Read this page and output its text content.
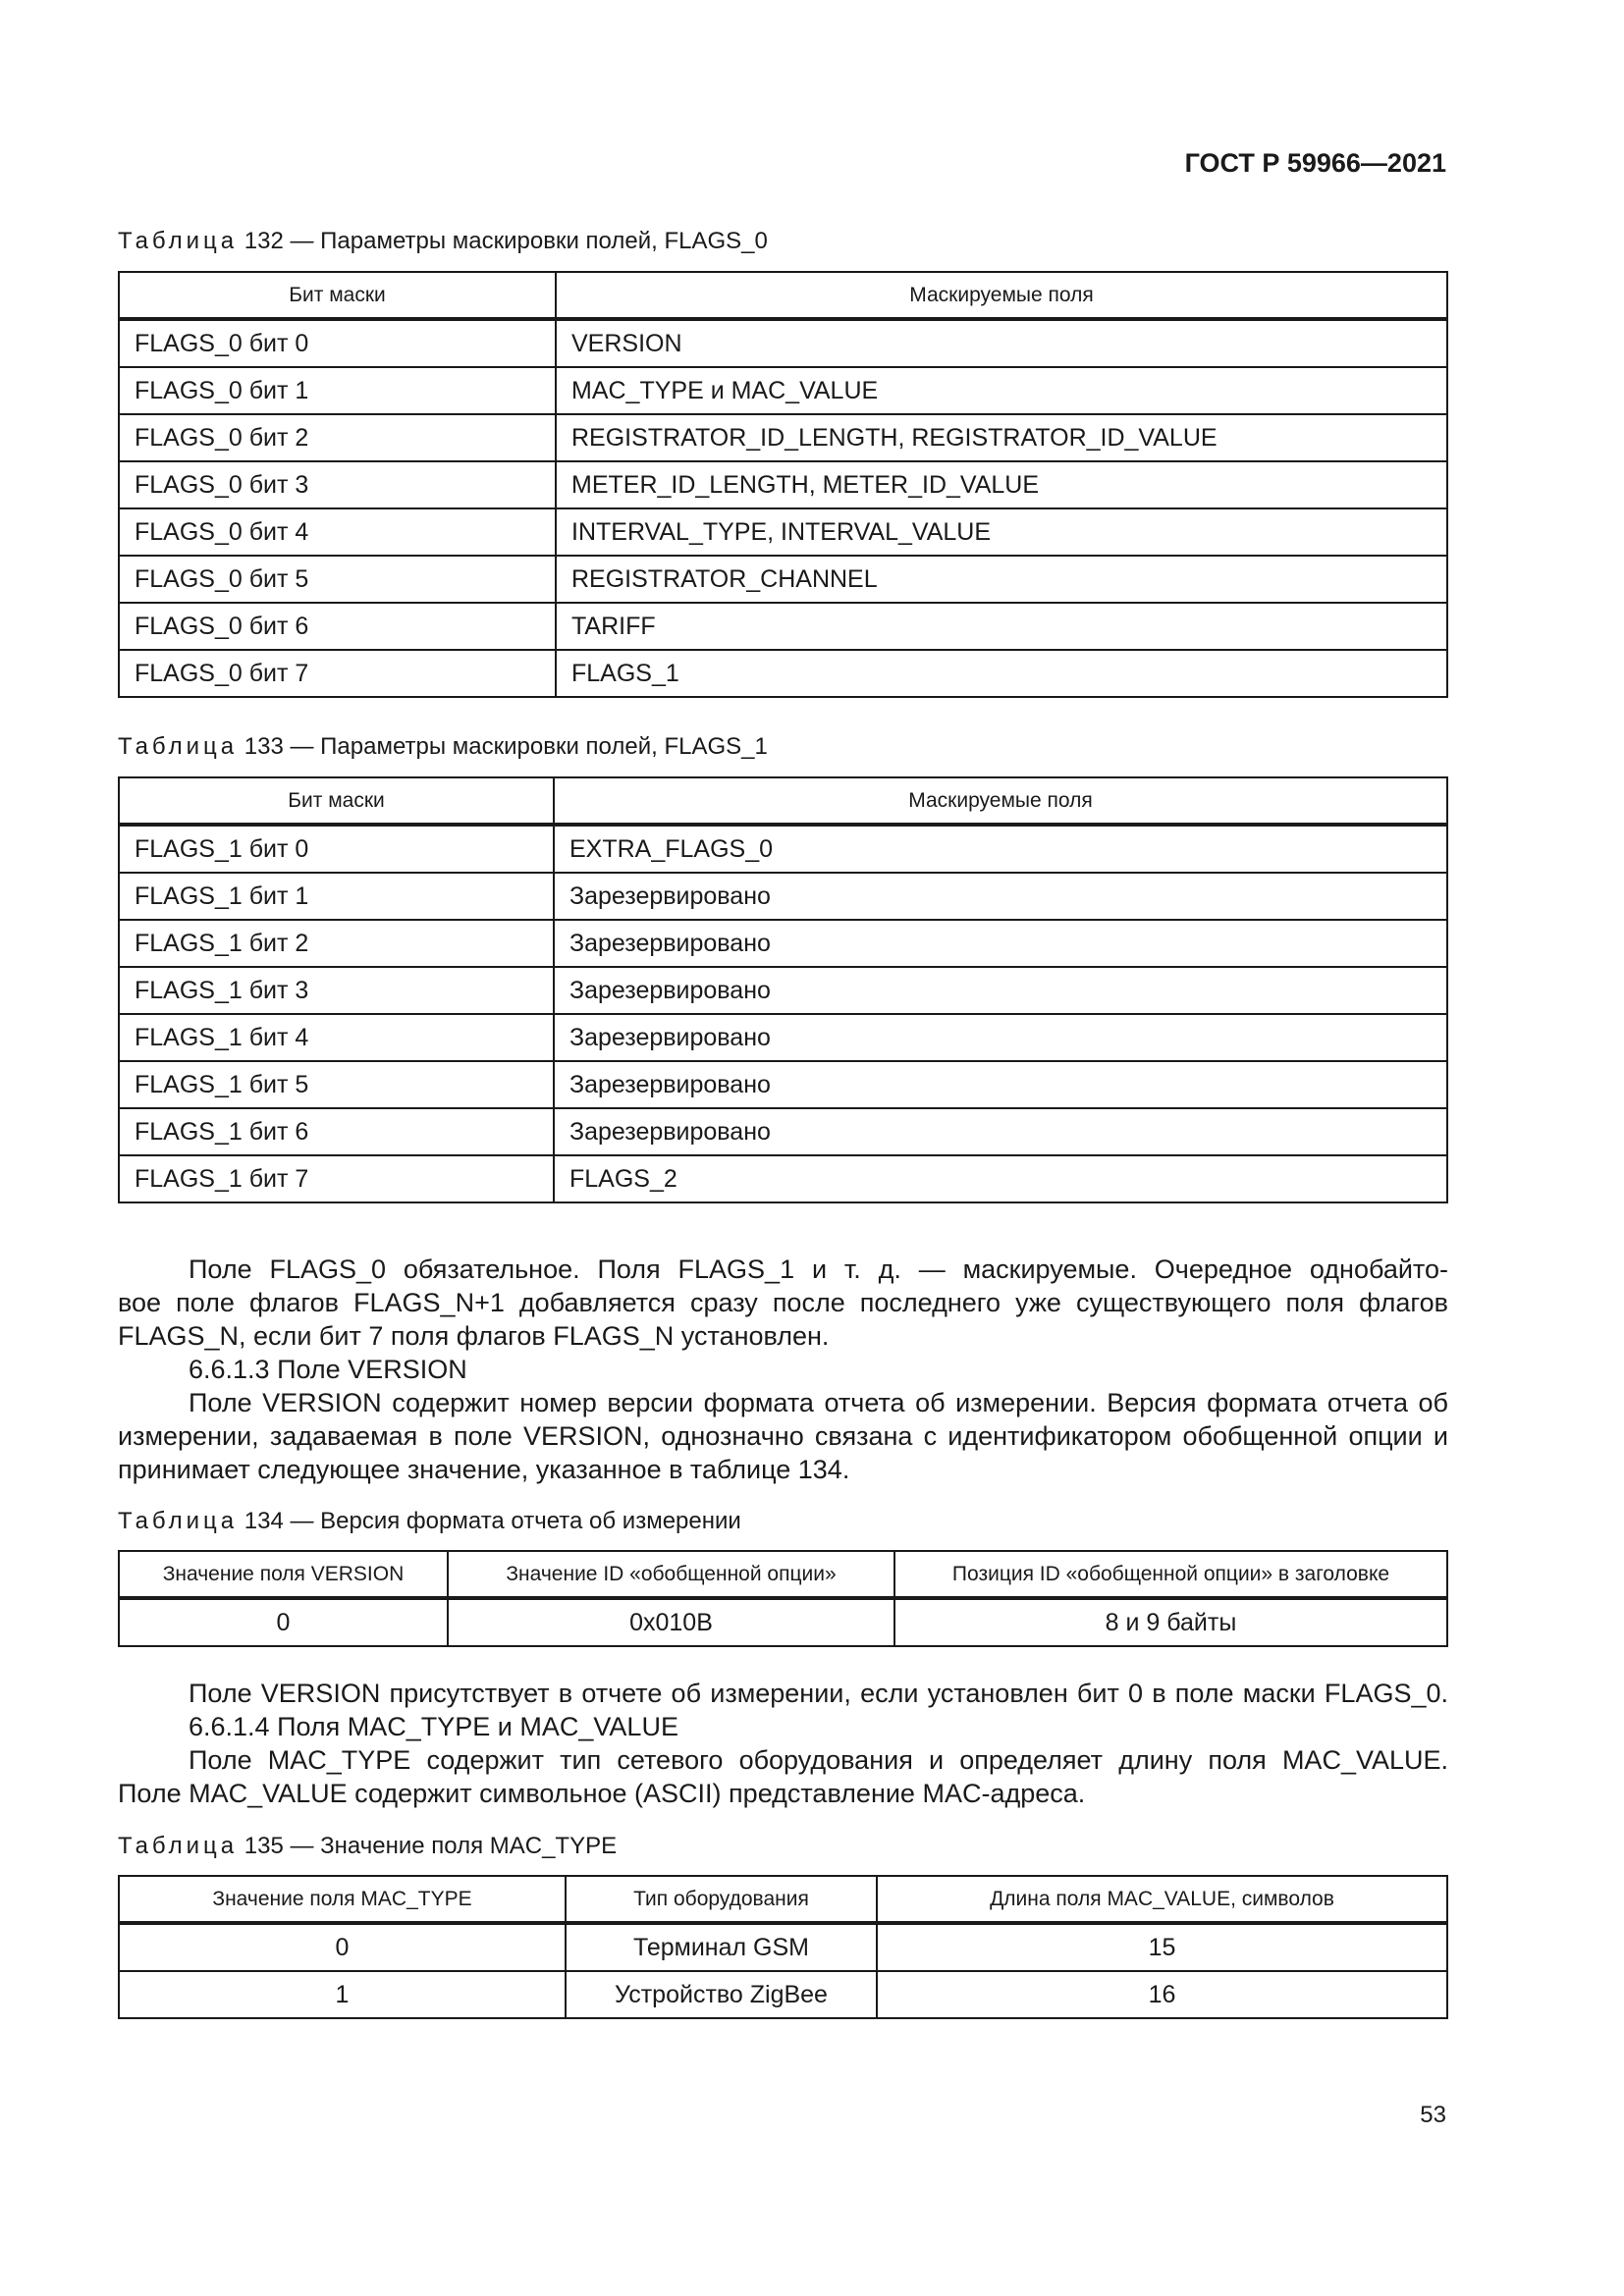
ГОСТ Р 59966—2021
Таблица 132 — Параметры маскировки полей, FLAGS_0
Бит маски	Маскируемые поля
FLAGS_0 бит 0	VERSION
FLAGS_0 бит 1	MAC_TYPE и MAC_VALUE
FLAGS_0 бит 2	REGISTRATOR_ID_LENGTH, REGISTRATOR_ID_VALUE
FLAGS_0 бит 3	METER_ID_LENGTH, METER_ID_VALUE
FLAGS_0 бит 4	INTERVAL_TYPE, INTERVAL_VALUE
FLAGS_0 бит 5	REGISTRATOR_CHANNEL
FLAGS_0 бит 6	TARIFF
FLAGS_0 бит 7	FLAGS_1
Таблица 133 — Параметры маскировки полей, FLAGS_1
Бит маски	Маскируемые поля
FLAGS_1 бит 0	EXTRA_FLAGS_0
FLAGS_1 бит 1	Зарезервировано
FLAGS_1 бит 2	Зарезервировано
FLAGS_1 бит 3	Зарезервировано
FLAGS_1 бит 4	Зарезервировано
FLAGS_1 бит 5	Зарезервировано
FLAGS_1 бит 6	Зарезервировано
FLAGS_1 бит 7	FLAGS_2
Поле FLAGS_0 обязательное. Поля FLAGS_1 и т. д. — маскируемые. Очередное однобайто-
вое поле флагов FLAGS_N+1 добавляется сразу после последнего уже существующего поля флагов
FLAGS_N, если бит 7 поля флагов FLAGS_N установлен.
6.6.1.3 Поле VERSION
Поле VERSION содержит номер версии формата отчета об измерении. Версия формата отчета об
измерении, задаваемая в поле VERSION, однозначно связана с идентификатором обобщенной опции и
принимает следующее значение, указанное в таблице 134.
Таблица 134 — Версия формата отчета об измерении
Значение поля VERSION	Значение ID «обобщенной опции»	Позиция ID «обобщенной опции» в заголовке
0	0x010B	8 и 9 байты
Поле VERSION присутствует в отчете об измерении, если установлен бит 0 в поле маски FLAGS_0.
6.6.1.4 Поля MAC_TYPE и MAC_VALUE
Поле MAC_TYPE содержит тип сетевого оборудования и определяет длину поля MAC_VALUE.
Поле MAC_VALUE содержит символьное (ASCII) представление MAC-адреса.
Таблица 135 — Значение поля MAC_TYPE
Значение поля MAC_TYPE	Тип оборудования	Длина поля MAC_VALUE, символов
0	Терминал GSM	15
1	Устройство ZigBee	16
53
